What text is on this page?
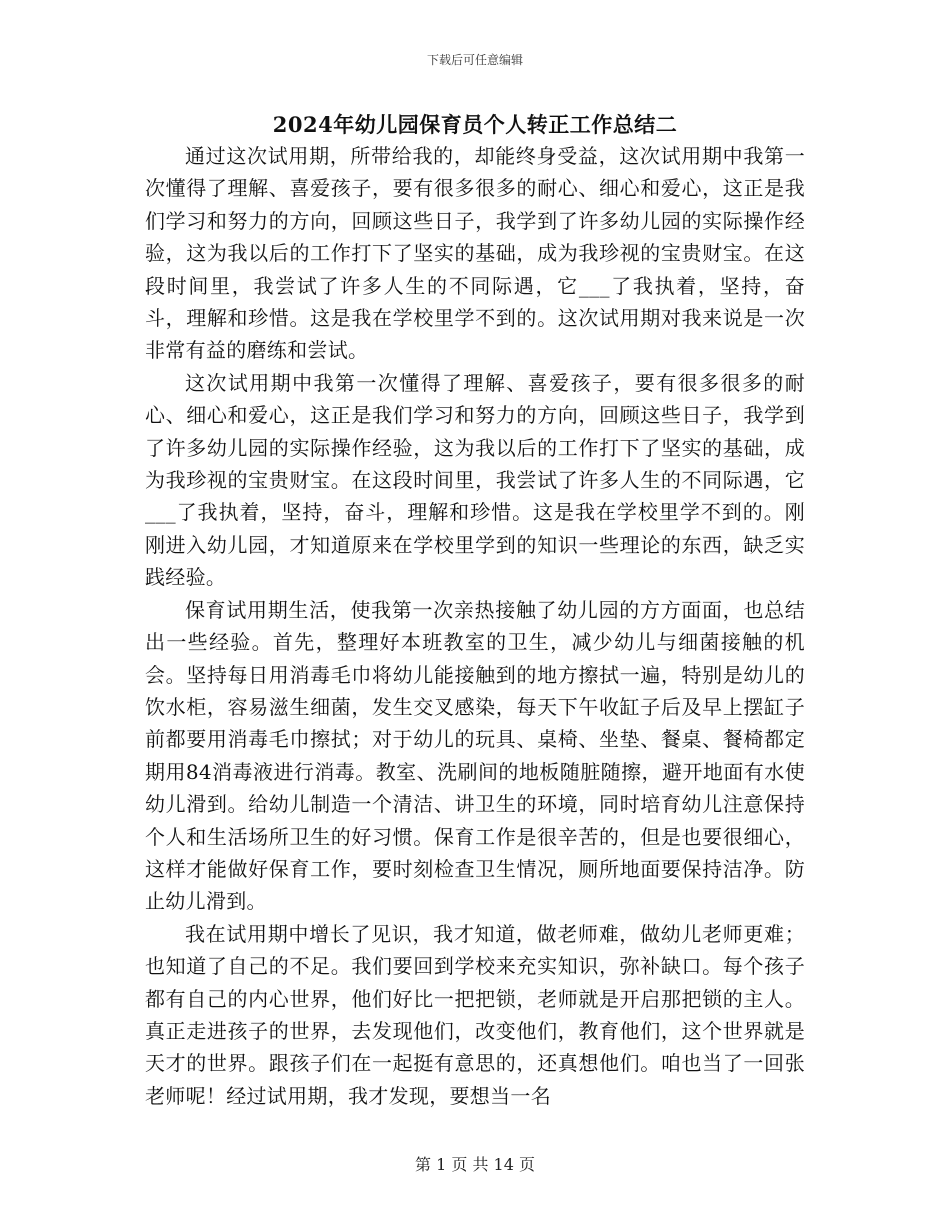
下载后可任意编辑
2024年幼儿园保育员个人转正工作总结二

通过这次试用期，所带给我的，却能终身受益，这次试用期中我第一次懂得了理解、喜爱孩子，要有很多很多的耐心、细心和爱心，这正是我们学习和努力的方向，回顾这些日子，我学到了许多幼儿园的实际操作经验，这为我以后的工作打下了坚实的基础，成为我珍视的宝贵财宝。在这段时间里，我尝试了许多人生的不同际遇，它___了我执着，坚持，奋斗，理解和珍惜。这是我在学校里学不到的。这次试用期对我来说是一次非常有益的磨练和尝试。

这次试用期中我第一次懂得了理解、喜爱孩子，要有很多很多的耐心、细心和爱心，这正是我们学习和努力的方向，回顾这些日子，我学到了许多幼儿园的实际操作经验，这为我以后的工作打下了坚实的基础，成为我珍视的宝贵财宝。在这段时间里，我尝试了许多人生的不同际遇，它___了我执着，坚持，奋斗，理解和珍惜。这是我在学校里学不到的。刚刚进入幼儿园，才知道原来在学校里学到的知识一些理论的东西，缺乏实践经验。

保育试用期生活，使我第一次亲热接触了幼儿园的方方面面，也总结出一些经验。首先，整理好本班教室的卫生，减少幼儿与细菌接触的机会。坚持每日用消毒毛巾将幼儿能接触到的地方擦拭一遍，特别是幼儿的饮水柜，容易滋生细菌，发生交叉感染，每天下午收缸子后及早上摆缸子前都要用消毒毛巾擦拭；对于幼儿的玩具、桌椅、坐垫、餐桌、餐椅都定期用84消毒液进行消毒。教室、洗刷间的地板随脏随擦，避开地面有水使幼儿滑到。给幼儿制造一个清洁、讲卫生的环境，同时培育幼儿注意保持个人和生活场所卫生的好习惯。保育工作是很辛苦的，但是也要很细心，这样才能做好保育工作，要时刻检查卫生情况，厕所地面要保持洁净。防止幼儿滑到。

我在试用期中增长了见识，我才知道，做老师难，做幼儿老师更难；也知道了自己的不足。我们要回到学校来充实知识，弥补缺口。每个孩子都有自己的内心世界，他们好比一把把锁，老师就是开启那把锁的主人。真正走进孩子的世界，去发现他们，改变他们，教育他们，这个世界就是天才的世界。跟孩子们在一起挺有意思的，还真想他们。咱也当了一回张老师呢！经过试用期，我才发现，要想当一名

第 1 页 共 14 页
